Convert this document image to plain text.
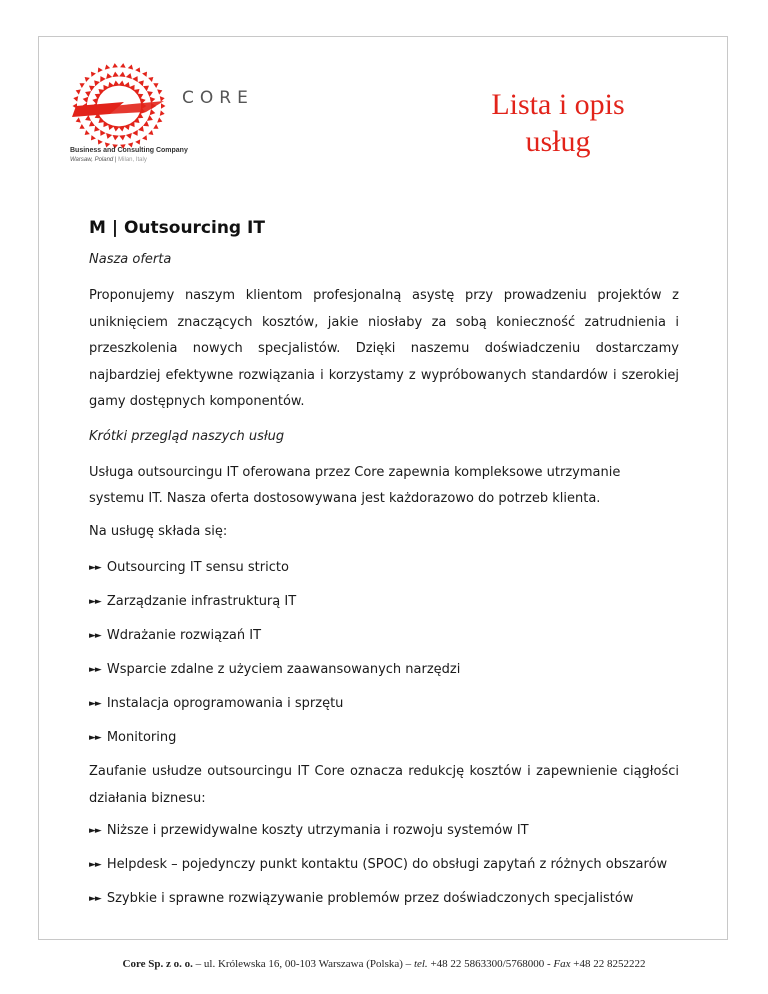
CORE
Business and Consulting Company
Warsaw, Poland | Milan, Italy
Lista i opis
usług
M | Outsourcing IT

Nasza oferta

Proponujemy naszym klientom profesjonalną asystę przy prowadzeniu projektów z uniknięciem znaczących kosztów, jakie niosłaby za sobą konieczność zatrudnienia i przeszkolenia nowych specjalistów. Dzięki naszemu doświadczeniu dostarczamy najbardziej efektywne rozwiązania i korzystamy z wypróbowanych standardów i szerokiej gamy dostępnych komponentów.

Krótki przegląd naszych usług

Usługa outsourcingu IT oferowana przez Core zapewnia kompleksowe utrzymanie systemu IT. Nasza oferta dostosowywana jest każdorazowo do potrzeb klienta.

Na usługę składa się:

►► Outsourcing IT sensu stricto
►► Zarządzanie infrastrukturą IT
►► Wdrażanie rozwiązań IT
►► Wsparcie zdalne z użyciem zaawansowanych narzędzi
►► Instalacja oprogramowania i sprzętu
►► Monitoring

Zaufanie usłudze outsourcingu IT Core oznacza redukcję kosztów i zapewnienie ciągłości działania biznesu:

►► Niższe i przewidywalne koszty utrzymania i rozwoju systemów IT
►► Helpdesk – pojedynczy punkt kontaktu (SPOC) do obsługi zapytań z różnych obszarów
►► Szybkie i sprawne rozwiązywanie problemów przez doświadczonych specjalistów
Core Sp. z o. o. – ul. Królewska 16, 00-103 Warszawa (Polska) – tel. +48 22 5863300/5768000 - Fax +48 22 8252222
